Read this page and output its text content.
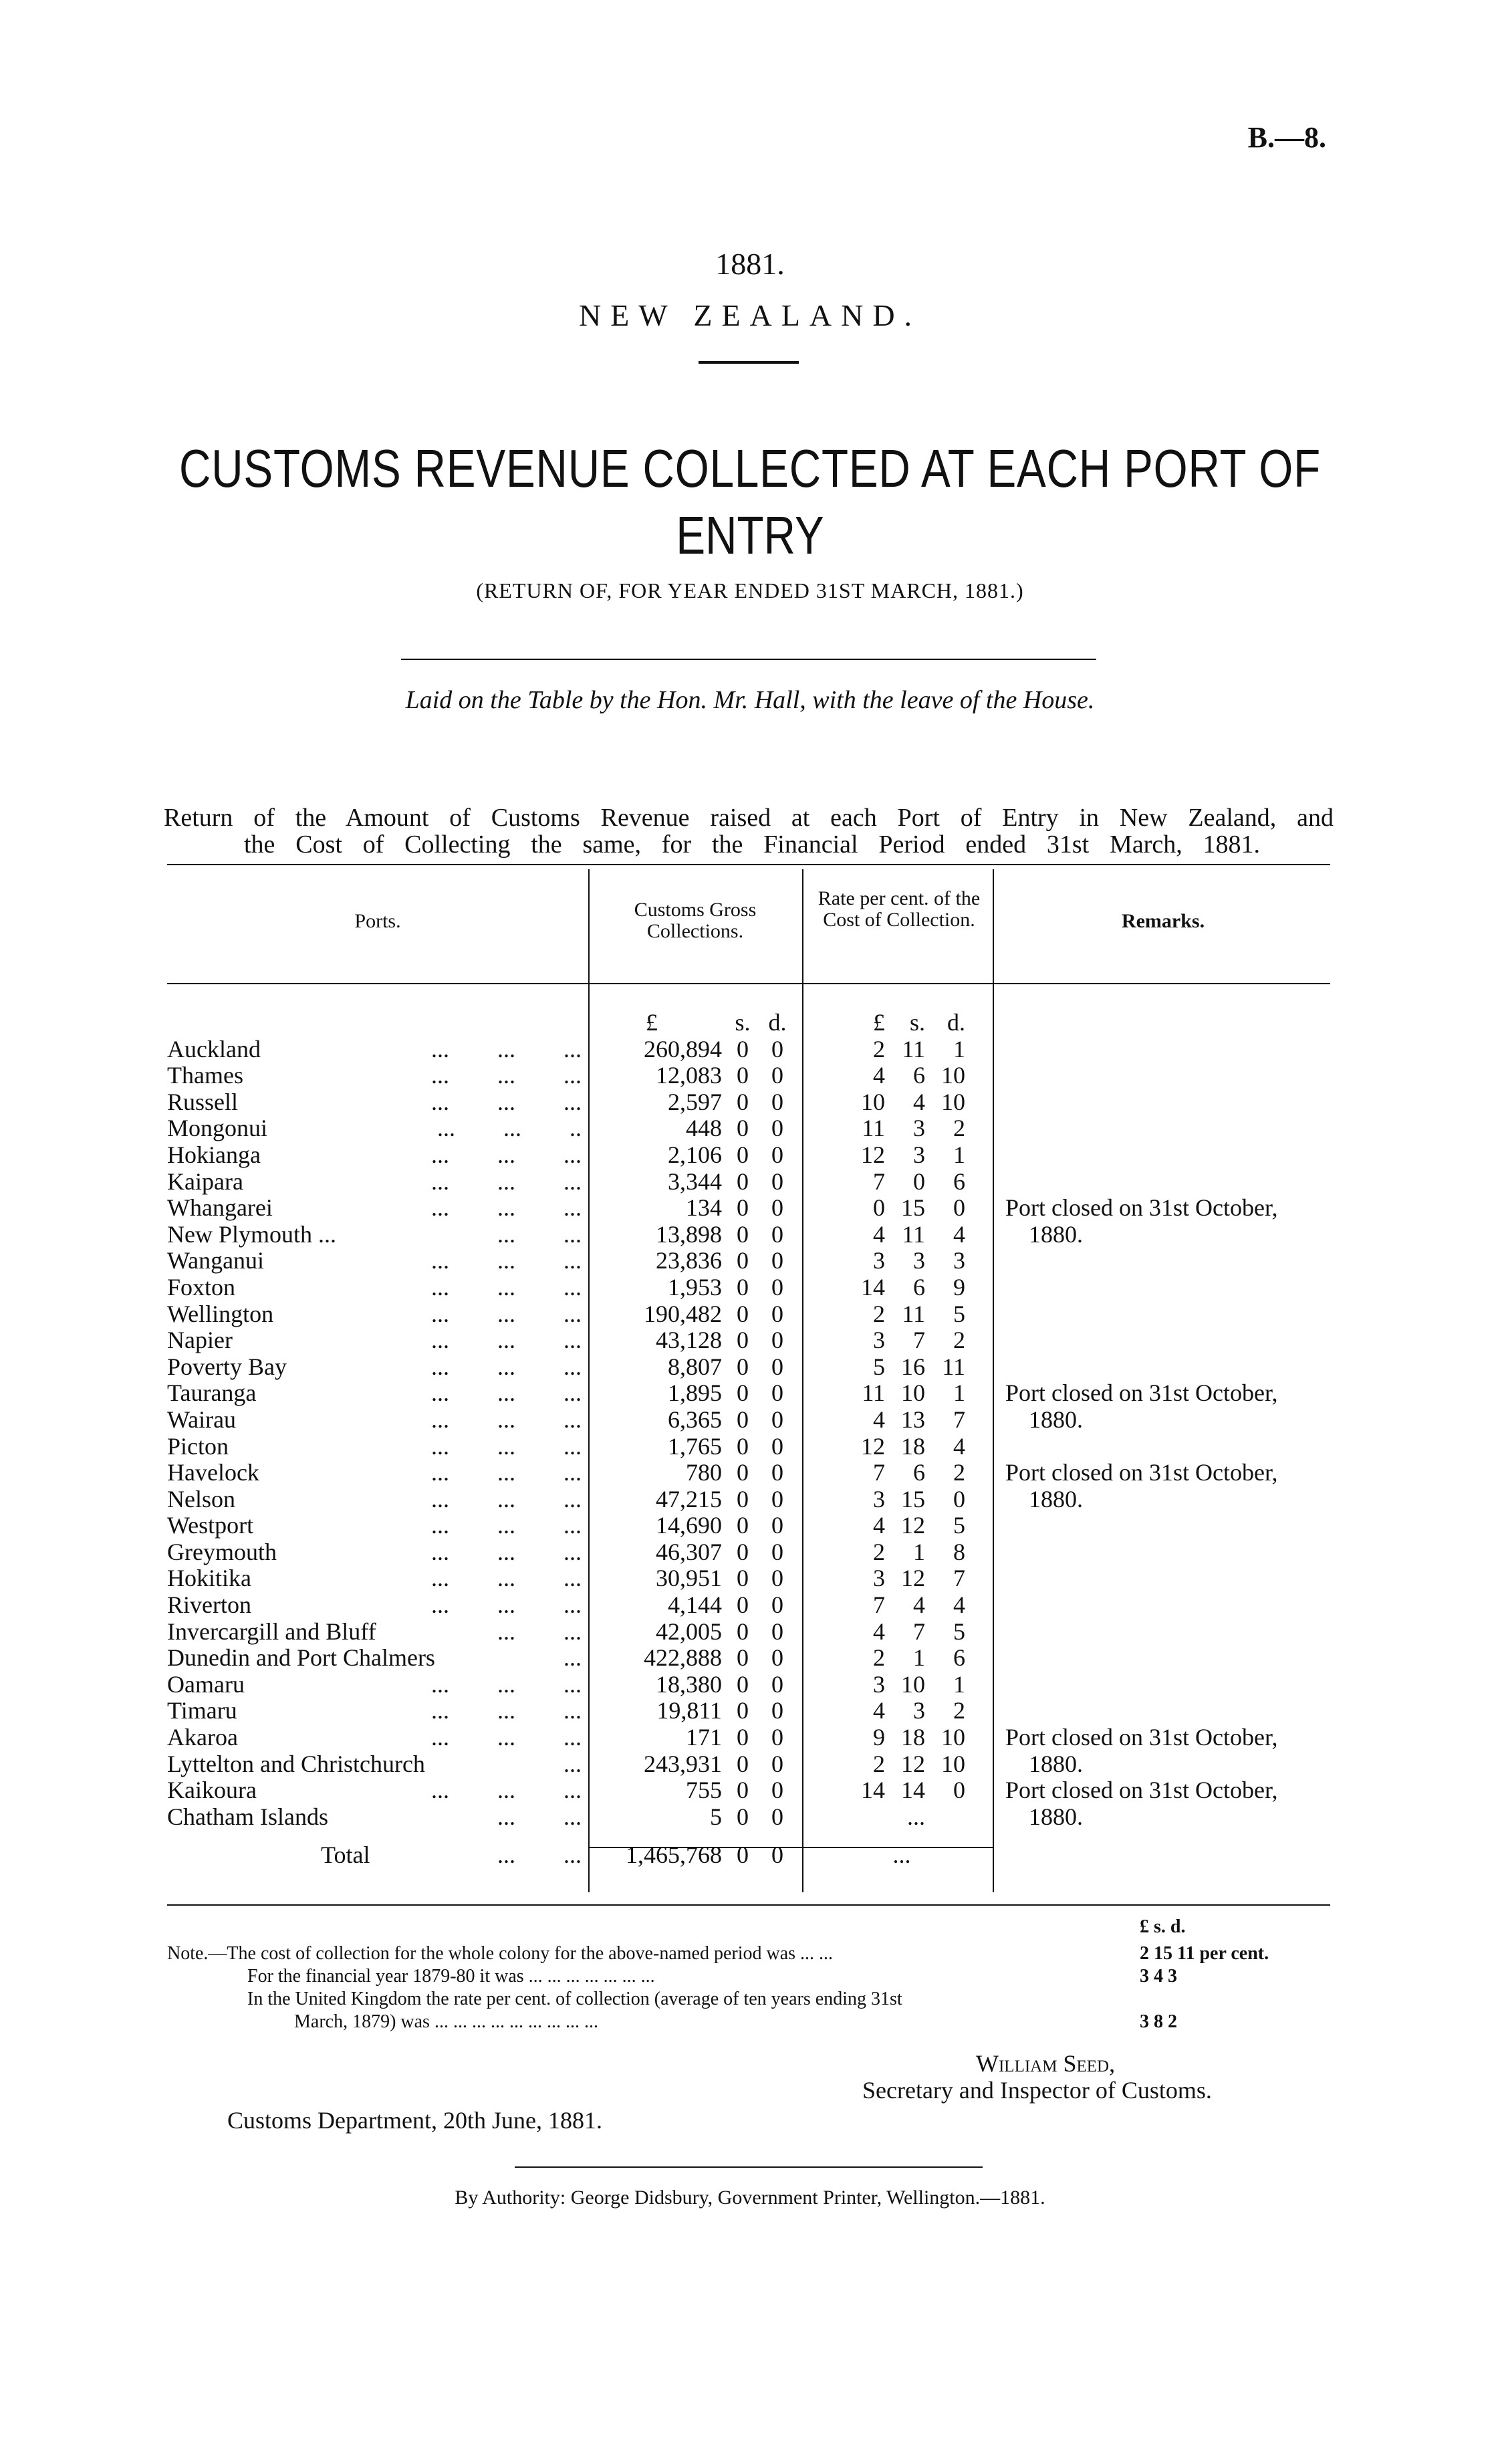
B.—8.
1881.
NEW ZEALAND.
CUSTOMS REVENUE COLLECTED AT EACH PORT OF
ENTRY
(RETURN OF, FOR YEAR ENDED 31ST MARCH, 1881.)
Laid on the Table by the Hon. Mr. Hall, with the leave of the House.
Return of the Amount of Customs Revenue raised at each Port of Entry in New Zealand, and
the Cost of Collecting the same, for the Financial Period ended 31st March, 1881.
Ports.
Customs Gross Collections.
Rate per cent. of the Cost of Collection.	Remarks.
	£	s.	d.		£	s.	d.		
Auckland ...        ...        ...	260,894	0	0		2	11	1		
Thames ...        ...        ...	12,083	0	0		4	6	10		
Russell ...        ...        ...	2,597	0	0		10	4	10		
Mongonui ...        ...        ..	448	0	0		11	3	2		
Hokianga ...        ...        ...	2,106	0	0		12	3	1		
Kaipara ...        ...        ...	3,344	0	0		7	0	6		
Whangarei ...        ...        ...	134	0	0		0	15	0		Port closed on 31st October,
New Plymouth ... ...        ...	13,898	0	0		4	11	4		1880.
Wanganui ...        ...        ...	23,836	0	0		3	3	3		
Foxton ...        ...        ...	1,953	0	0		14	6	9		
Wellington ...        ...        ...	190,482	0	0		2	11	5		
Napier ...        ...        ...	43,128	0	0		3	7	2		
Poverty Bay ...        ...        ...	8,807	0	0		5	16	11		
Tauranga ...        ...        ...	1,895	0	0		11	10	1		Port closed on 31st October,
Wairau ...        ...        ...	6,365	0	0		4	13	7		1880.
Picton ...        ...        ...	1,765	0	0		12	18	4		
Havelock ...        ...        ...	780	0	0		7	6	2		Port closed on 31st October,
Nelson ...        ...        ...	47,215	0	0		3	15	0		1880.
Westport ...        ...        ...	14,690	0	0		4	12	5		
Greymouth ...        ...        ...	46,307	0	0		2	1	8		
Hokitika ...        ...        ...	30,951	0	0		3	12	7		
Riverton ...        ...        ...	4,144	0	0		7	4	4		
Invercargill and Bluff ...        ...	42,005	0	0		4	7	5		
Dunedin and Port Chalmers ...	422,888	0	0		2	1	6		
Oamaru ...        ...        ...	18,380	0	0		3	10	1		
Timaru ...        ...        ...	19,811	0	0		4	3	2		
Akaroa ...        ...        ...	171	0	0		9	18	10		Port closed on 31st October,
Lyttelton and Christchurch ...	243,931	0	0		2	12	10		1880.
Kaikoura ...        ...        ...	755	0	0		14	14	0		Port closed on 31st October,
Chatham Islands ...        ...	5	0	0			...			1880.

Total ...        ...	1,465,768	0	0		...				
£ s. d.
Note.—The cost of collection for the whole colony for the above-named period was ... ...	2 15 11 per cent.
For the financial year 1879-80 it was ... ... ... ... ... ... ...	3 4 3
In the United Kingdom the rate per cent. of collection (average of ten years ending 31st
March, 1879) was ... ... ... ... ... ... ... ... ...	3 8 2
William Seed,
Secretary and Inspector of Customs.
Customs Department, 20th June, 1881.
By Authority: George Didsbury, Government Printer, Wellington.—1881.
